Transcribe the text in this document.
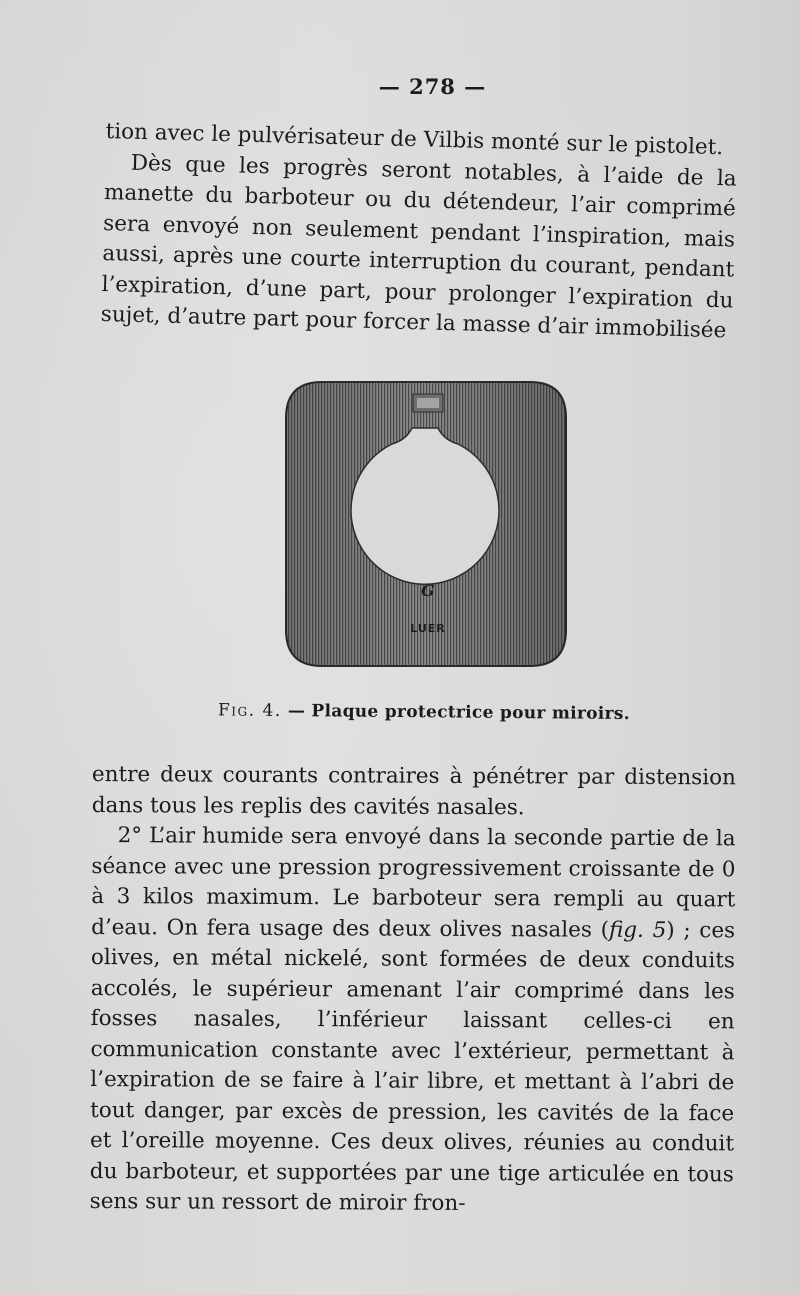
— 278 —

tion avec le pulvérisateur de Vilbis monté sur le pistolet.

Dès que les progrès seront notables, à l’aide de la manette du barboteur ou du détendeur, l’air comprimé sera envoyé non seulement pendant l’inspiration, mais aussi, après une courte interruption du courant, pendant l’expiration, d’une part, pour prolonger l’expiration du sujet, d’autre part pour forcer la masse d’air immobilisée

G
LUER
Fig. 4. — Plaque protectrice pour miroirs.

entre deux courants contraires à pénétrer par distension dans tous les replis des cavités nasales.

2° L’air humide sera envoyé dans la seconde partie de la séance avec une pression progressivement croissante de 0 à 3 kilos maximum. Le barboteur sera rempli au quart d’eau. On fera usage des deux olives nasales (fig. 5) ; ces olives, en métal nickelé, sont formées de deux conduits accolés, le supérieur amenant l’air comprimé dans les fosses nasales, l’inférieur laissant celles-ci en communication constante avec l’extérieur, permettant à l’expiration de se faire à l’air libre, et mettant à l’abri de tout danger, par excès de pression, les cavités de la face et l’oreille moyenne. Ces deux olives, réunies au conduit du barboteur, et supportées par une tige articulée en tous sens sur un ressort de miroir fron-
